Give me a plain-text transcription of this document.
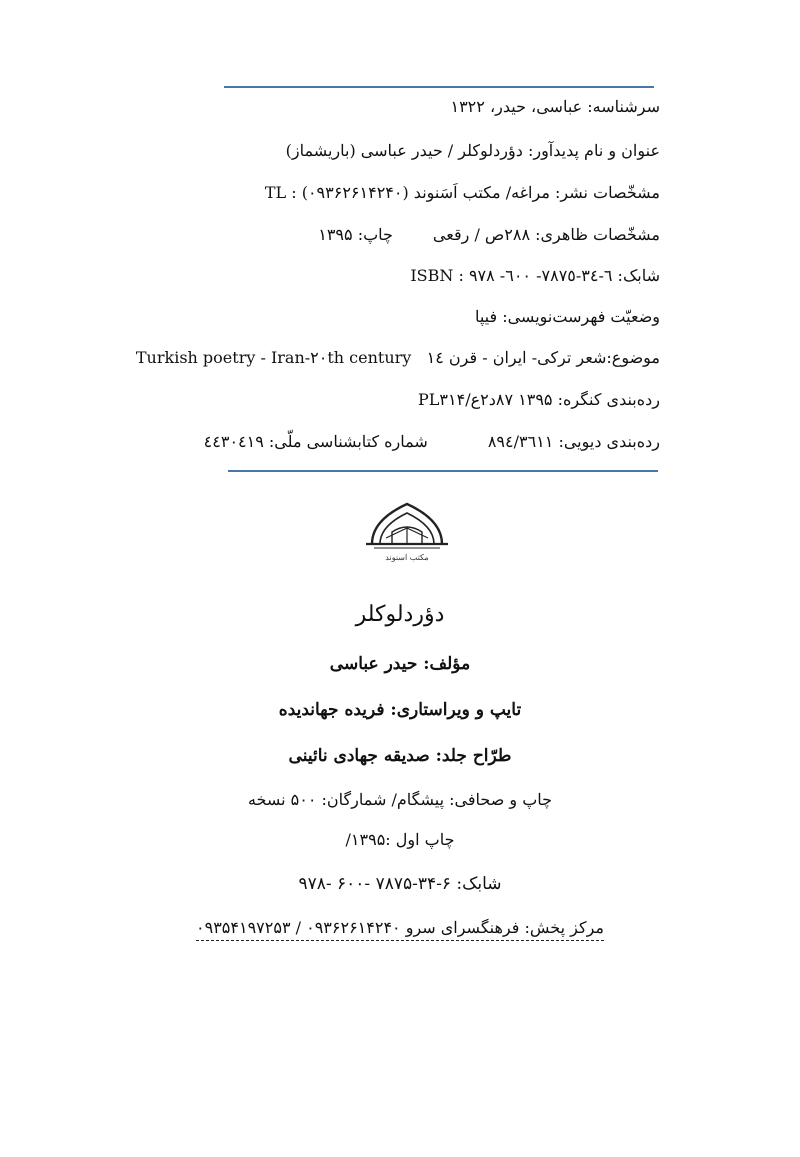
سرشناسه: عباسی، حیدر، ۱۳۲۲
عنوان و نام پدیدآور: دؤردلوکلر / حیدر عباسی (باریشماز)
مشخّصات نشر: مراغه/ مکتب اَسَنوند (۰۹۳۶۲۶۱۴۲۴۰) : TL
مشخّصات ظاهری: ۲۸۸ص / رقعیچاپ: ۱۳۹۵
شابک: ٦-٣٤-٧٨٧٥- ٦٠٠- ٩٧٨ : ISBN
وضعیّت فهرست‌نویسی: فیپا
موضوع:شعر ترکی- ایران - قرن ١٤   Turkish poetry - Iran-٢٠th century
رده‌بندی کنگره: ۱۳۹۵ ۸۷د۲ع/PL۳۱۴
رده‌بندی دیویی: ۸۹٤/٣٦١١شماره کتابشناسی ملّی: ٤٤٣٠٤١٩
مکتب اسنوند
دؤردلوکلر
مؤلف: حیدر عباسی
تایپ و ویراستاری: فریده جهاندیده
طرّاح جلد: صدیقه جهادی نائینی
چاپ و صحافی: پیشگام/ شمارگان: ۵۰۰ نسخه
چاپ اول :۱۳۹۵/
شابک: ۶-۳۴-۷۸۷۵ -۶۰۰ -۹۷۸
مرکز پخش: فرهنگسرای سرو ۰۹۳۶۲۶۱۴۲۴۰ / ۰۹۳۵۴۱۹۷۲۵۳
